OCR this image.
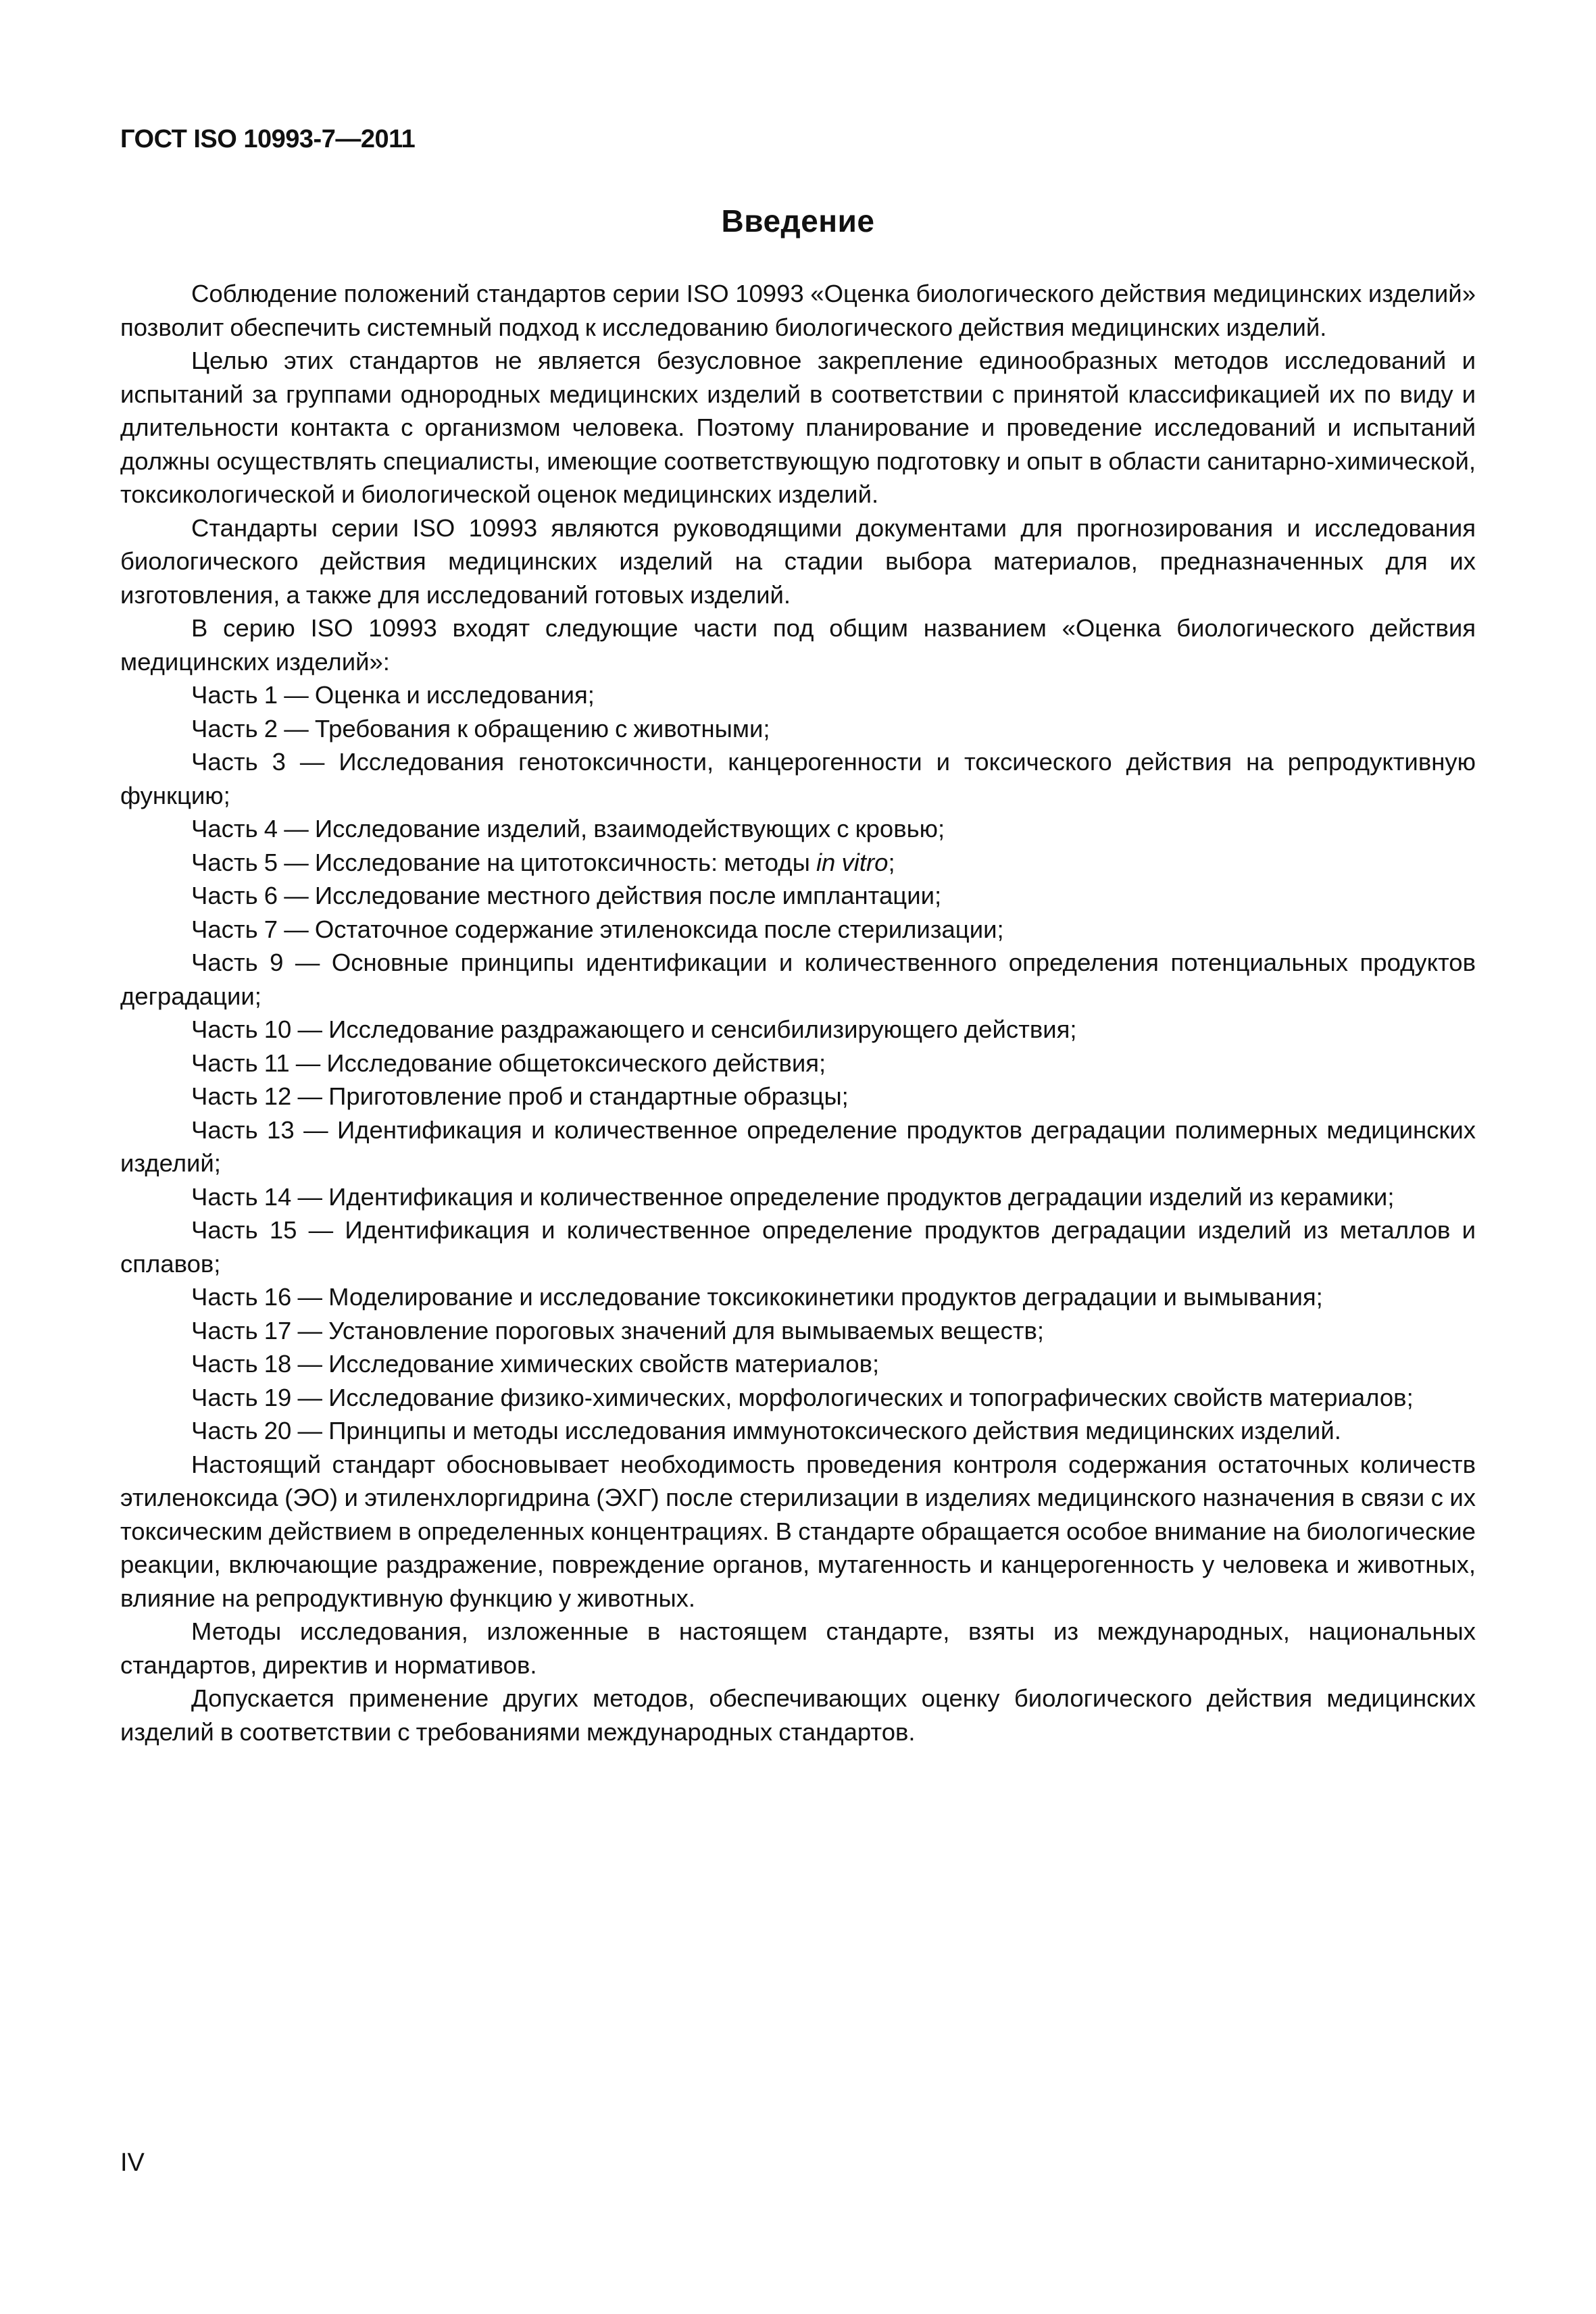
ГОСТ ISO 10993-7—2011
Введение

Соблюдение положений стандартов серии ISO 10993 «Оценка биологического действия медицинских изделий» позволит обеспечить системный подход к исследованию биологического действия медицинских изделий.

Целью этих стандартов не является безусловное закрепление единообразных методов исследований и испытаний за группами однородных медицинских изделий в соответствии с принятой классификацией их по виду и длительности контакта с организмом человека. Поэтому планирование и проведение исследований и испытаний должны осуществлять специалисты, имеющие соответствующую подготовку и опыт в области санитарно-химической, токсикологической и биологической оценок медицинских изделий.

Стандарты серии ISO 10993 являются руководящими документами для прогнозирования и исследования биологического действия медицинских изделий на стадии выбора материалов, предназначенных для их изготовления, а также для исследований готовых изделий.

В серию ISO 10993 входят следующие части под общим названием «Оценка биологического действия медицинских изделий»:

Часть 1 — Оценка и исследования;

Часть 2 — Требования к обращению с животными;

Часть 3 — Исследования генотоксичности, канцерогенности и токсического действия на репродуктивную функцию;

Часть 4 — Исследование изделий, взаимодействующих с кровью;

Часть 5 — Исследование на цитотоксичность: методы in vitro;

Часть 6 — Исследование местного действия после имплантации;

Часть 7 — Остаточное содержание этиленоксида после стерилизации;

Часть 9 — Основные принципы идентификации и количественного определения потенциальных продуктов деградации;

Часть 10 — Исследование раздражающего и сенсибилизирующего действия;

Часть 11 — Исследование общетоксического действия;

Часть 12 — Приготовление проб и стандартные образцы;

Часть 13 — Идентификация и количественное определение продуктов деградации полимерных медицинских изделий;

Часть 14 — Идентификация и количественное определение продуктов деградации изделий из керамики;

Часть 15 — Идентификация и количественное определение продуктов деградации изделий из металлов и сплавов;

Часть 16 — Моделирование и исследование токсикокинетики продуктов деградации и вымывания;

Часть 17 — Установление пороговых значений для вымываемых веществ;

Часть 18 — Исследование химических свойств материалов;

Часть 19 — Исследование физико-химических, морфологических и топографических свойств материалов;

Часть 20 — Принципы и методы исследования иммунотоксического действия медицинских изделий.

Настоящий стандарт обосновывает необходимость проведения контроля содержания остаточных количеств этиленоксида (ЭО) и этиленхлоргидрина (ЭХГ) после стерилизации в изделиях медицинского назначения в связи с их токсическим действием в определенных концентрациях. В стандарте обращается особое внимание на биологические реакции, включающие раздражение, повреждение органов, мутагенность и канцерогенность у человека и животных, влияние на репродуктивную функцию у животных.

Методы исследования, изложенные в настоящем стандарте, взяты из международных, национальных стандартов, директив и нормативов.

Допускается применение других методов, обеспечивающих оценку биологического действия медицинских изделий в соответствии с требованиями международных стандартов.

IV
